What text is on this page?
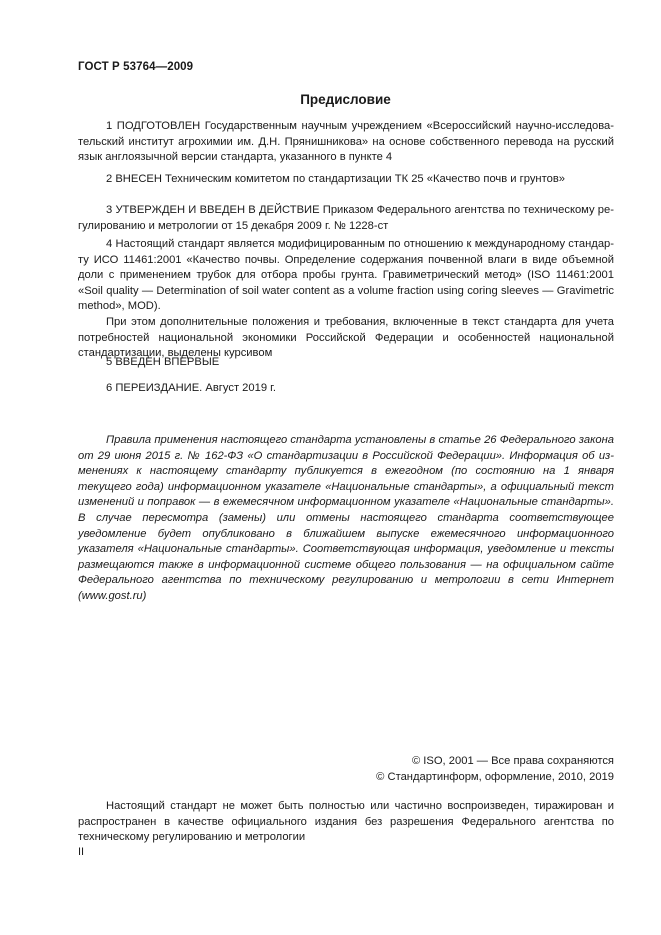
ГОСТ Р 53764—2009
Предисловие

1 ПОДГОТОВЛЕН Государственным научным учреждением «Всероссийский научно-исследовательский институт агрохимии им. Д.Н. Прянишникова» на основе собственного перевода на русский язык англоязычной версии стандарта, указанного в пункте 4

2 ВНЕСЕН Техническим комитетом по стандартизации ТК 25 «Качество почв и грунтов»

3 УТВЕРЖДЕН И ВВЕДЕН В ДЕЙСТВИЕ Приказом Федерального агентства по техническому регулированию и метрологии от 15 декабря 2009 г. № 1228-ст

4 Настоящий стандарт является модифицированным по отношению к международному стандарту ИСО 11461:2001 «Качество почвы. Определение содержания почвенной влаги в виде объемной доли с применением трубок для отбора пробы грунта. Гравиметрический метод» (ISO 11461:2001 «Soil quality — Determination of soil water content as a volume fraction using coring sleeves — Gravimetric method», MOD).

При этом дополнительные положения и требования, включенные в текст стандарта для учета потребностей национальной экономики Российской Федерации и особенностей национальной стандартизации, выделены курсивом

5 ВВЕДЕН ВПЕРВЫЕ

6 ПЕРЕИЗДАНИЕ. Август 2019 г.

Правила применения настоящего стандарта установлены в статье 26 Федерального закона от 29 июня 2015 г. № 162-ФЗ «О стандартизации в Российской Федерации». Информация об изменениях к настоящему стандарту публикуется в ежегодном (по состоянию на 1 января текущего года) информационном указателе «Национальные стандарты», а официальный текст изменений и поправок — в ежемесячном информационном указателе «Национальные стандарты». В случае пересмотра (замены) или отмены настоящего стандарта соответствующее уведомление будет опубликовано в ближайшем выпуске ежемесячного информационного указателя «Национальные стандарты». Соответствующая информация, уведомление и тексты размещаются также в информационной системе общего пользования — на официальном сайте Федерального агентства по техническому регулированию и метрологии в сети Интернет (www.gost.ru)

© ISO, 2001 — Все права сохраняются
© Стандартинформ, оформление, 2010, 2019

Настоящий стандарт не может быть полностью или частично воспроизведен, тиражирован и распространен в качестве официального издания без разрешения Федерального агентства по техническому регулированию и метрологии

II
